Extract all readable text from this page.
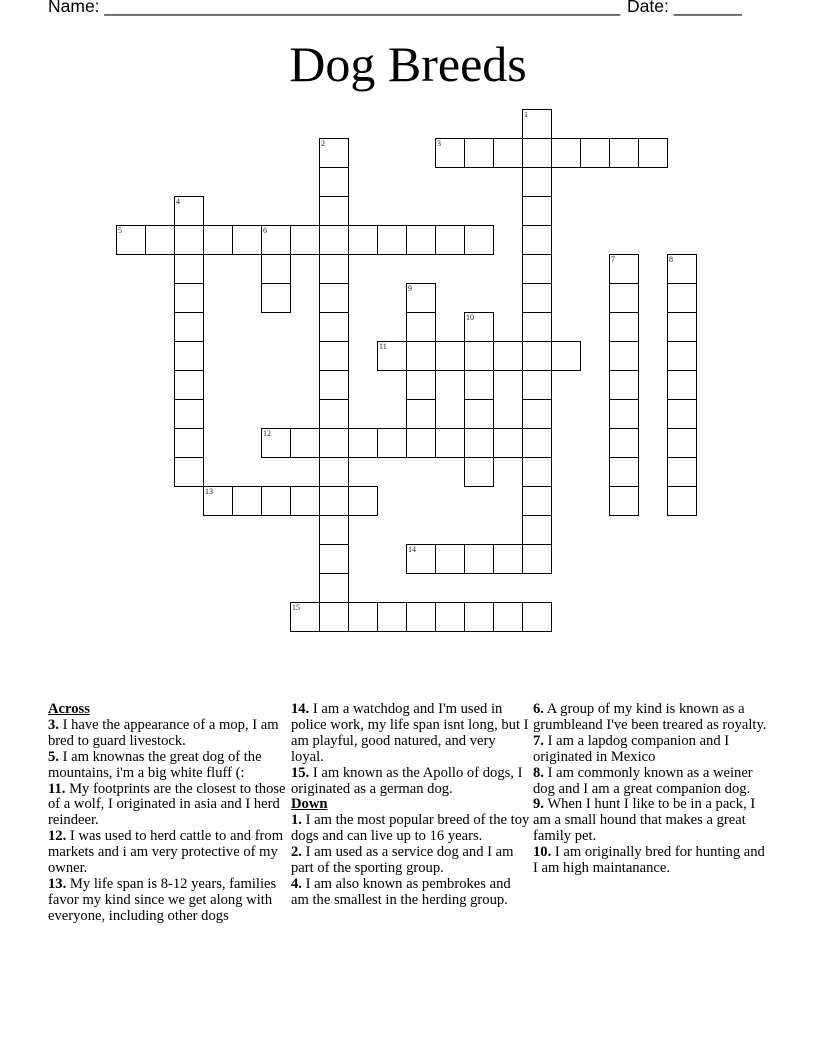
Name: _____________________________________________________ Date: _______
Dog Breeds
1
2	3
4
5	6
7	8
9
10
11
12
13
14
15
Across
3. I have the appearance of a mop, I am bred to guard livestock.
5. I am knownas the great dog of the mountains, i'm a big white fluff (:
11. My footprints are the closest to those of a wolf, I originated in asia and I herd reindeer.
12. I was used to herd cattle to and from markets and i am very protective of my owner.
13. My life span is 8-12 years, families favor my kind since we get along with everyone, including other dogs
14. I am a watchdog and I'm used in police work, my life span isnt long, but I am playful, good natured, and very loyal.
15. I am known as the Apollo of dogs, I originated as a german dog.
Down
1. I am the most popular breed of the toy dogs and can live up to 16 years.
2. I am used as a service dog and I am part of the sporting group.
4. I am also known as pembrokes and am the smallest in the herding group.
6. A group of my kind is known as a grumbleand I've been treared as royalty.
7. I am a lapdog companion and I originated in Mexico
8. I am commonly known as a weiner dog and I am a great companion dog.
9. When I hunt I like to be in a pack, I am a small hound that makes a great family pet.
10. I am originally bred for hunting and I am high maintanance.
